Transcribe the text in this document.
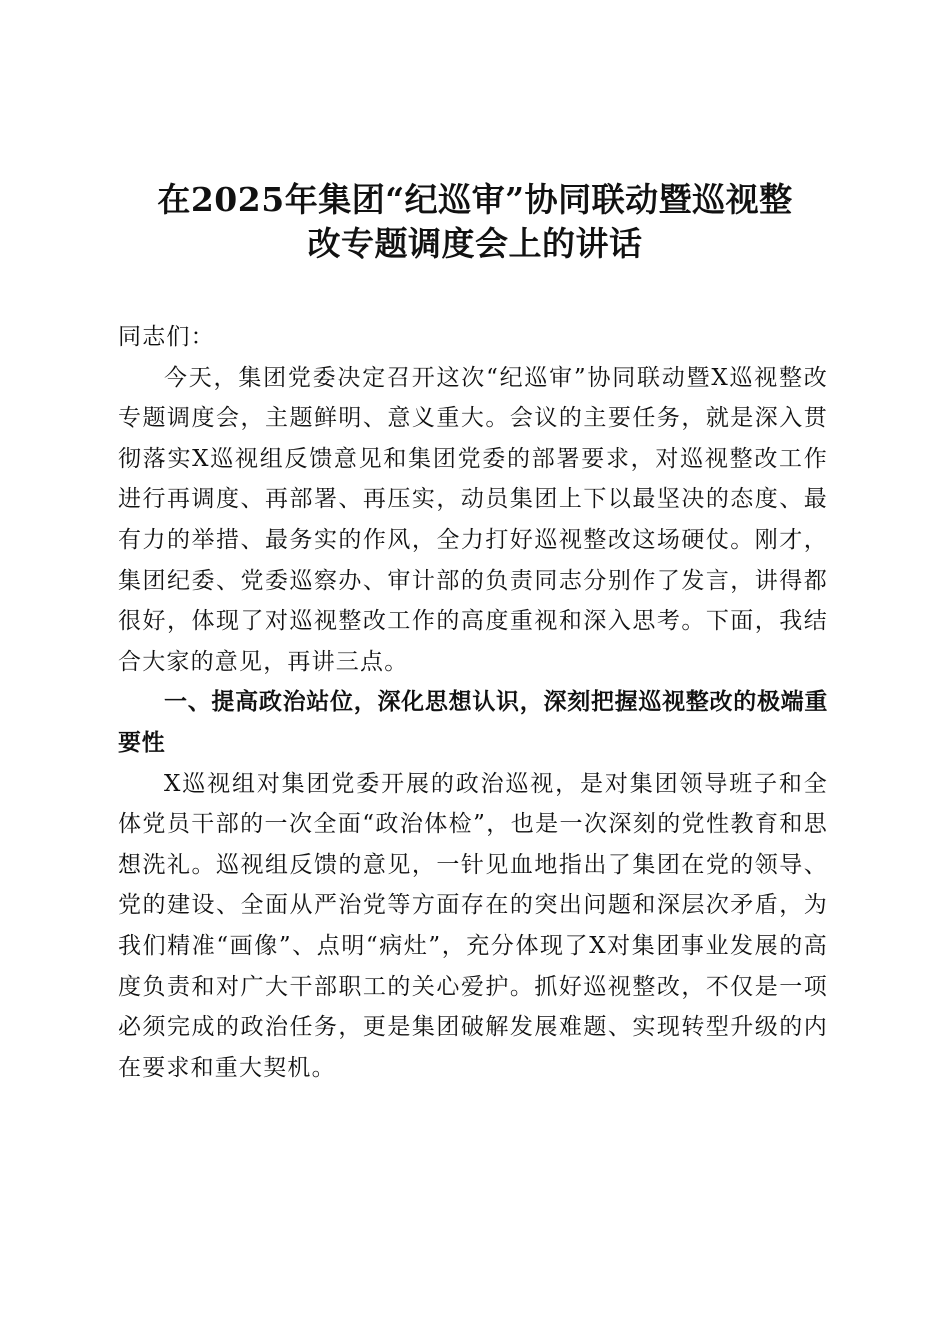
在2025年集团“纪巡审”协同联动暨巡视整
改专题调度会上的讲话

同志们：

今天，集团党委决定召开这次“纪巡审”协同联动暨X巡视整改专题调度会，主题鲜明、意义重大。会议的主要任务，就是深入贯彻落实X巡视组反馈意见和集团党委的部署要求，对巡视整改工作进行再调度、再部署、再压实，动员集团上下以最坚决的态度、最有力的举措、最务实的作风，全力打好巡视整改这场硬仗。刚才，集团纪委、党委巡察办、审计部的负责同志分别作了发言，讲得都很好，体现了对巡视整改工作的高度重视和深入思考。下面，我结合大家的意见，再讲三点。

一、提高政治站位，深化思想认识，深刻把握巡视整改的极端重要性

X巡视组对集团党委开展的政治巡视，是对集团领导班子和全体党员干部的一次全面“政治体检”，也是一次深刻的党性教育和思想洗礼。巡视组反馈的意见，一针见血地指出了集团在党的领导、党的建设、全面从严治党等方面存在的突出问题和深层次矛盾，为我们精准“画像”、点明“病灶”，充分体现了X对集团事业发展的高度负责和对广大干部职工的关心爱护。抓好巡视整改，不仅是一项必须完成的政治任务，更是集团破解发展难题、实现转型升级的内在要求和重大契机。
